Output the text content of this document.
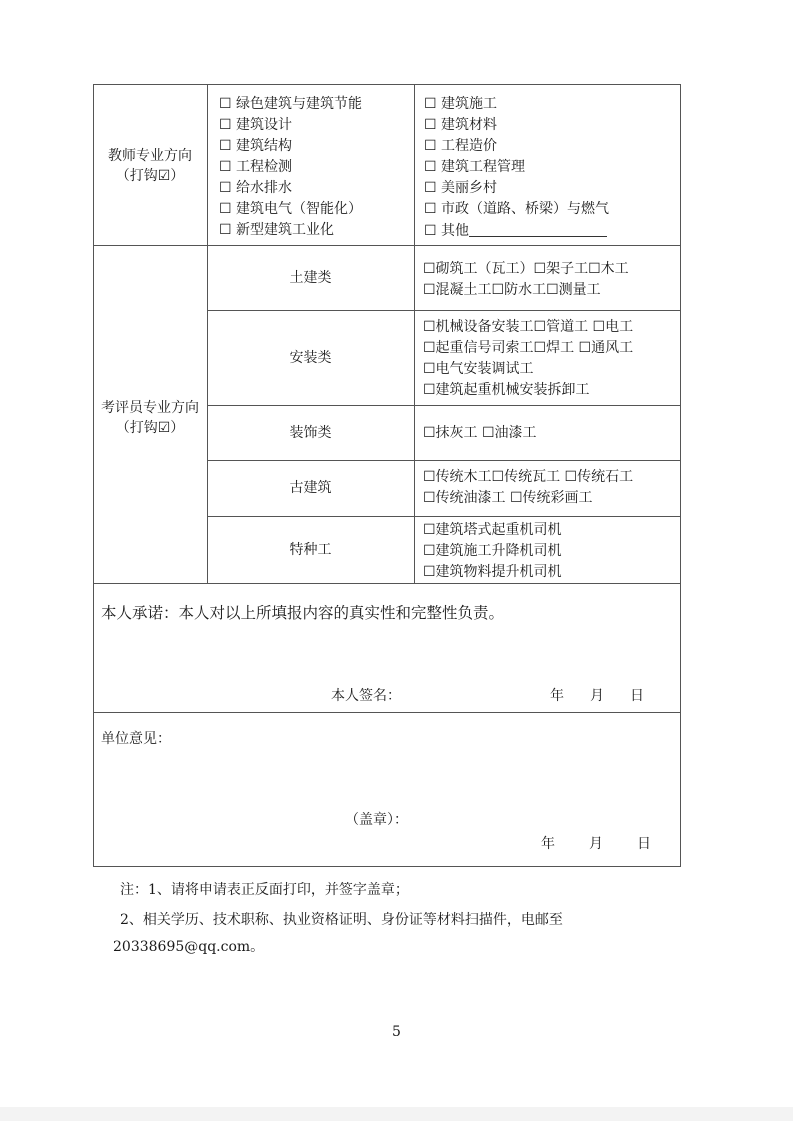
教师专业方向
（打钩☑）
☐ 绿色建筑与建筑节能
☐ 建筑设计
☐ 建筑结构
☐ 工程检测
☐ 给水排水
☐ 建筑电气（智能化）
☐ 新型建筑工业化
☐ 建筑施工
☐ 建筑材料
☐ 工程造价
☐ 建筑工程管理
☐ 美丽乡村
☐ 市政（道路、桥梁）与燃气
☐ 其他
考评员专业方向
（打钩☑）
土建类
☐砌筑工（瓦工）☐架子工☐木工
☐混凝土工☐防水工☐测量工
安装类
☐机械设备安装工☐管道工 ☐电工
☐起重信号司索工☐焊工 ☐通风工
☐电气安装调试工
☐建筑起重机械安装拆卸工
装饰类	☐抹灰工 ☐油漆工
古建筑
☐传统木工☐传统瓦工 ☐传统石工
☐传统油漆工 ☐传统彩画工
特种工
☐建筑塔式起重机司机
☐建筑施工升降机司机
☐建筑物料提升机司机
本人承诺：本人对以上所填报内容的真实性和完整性负责。
本人签名：	年 月 日
单位意见：
（盖章）：
年 月 日
注：1、请将申请表正反面打印，并签字盖章；
2、相关学历、技术职称、执业资格证明、身份证等材料扫描件，电邮至
20338695@qq.com。
5
